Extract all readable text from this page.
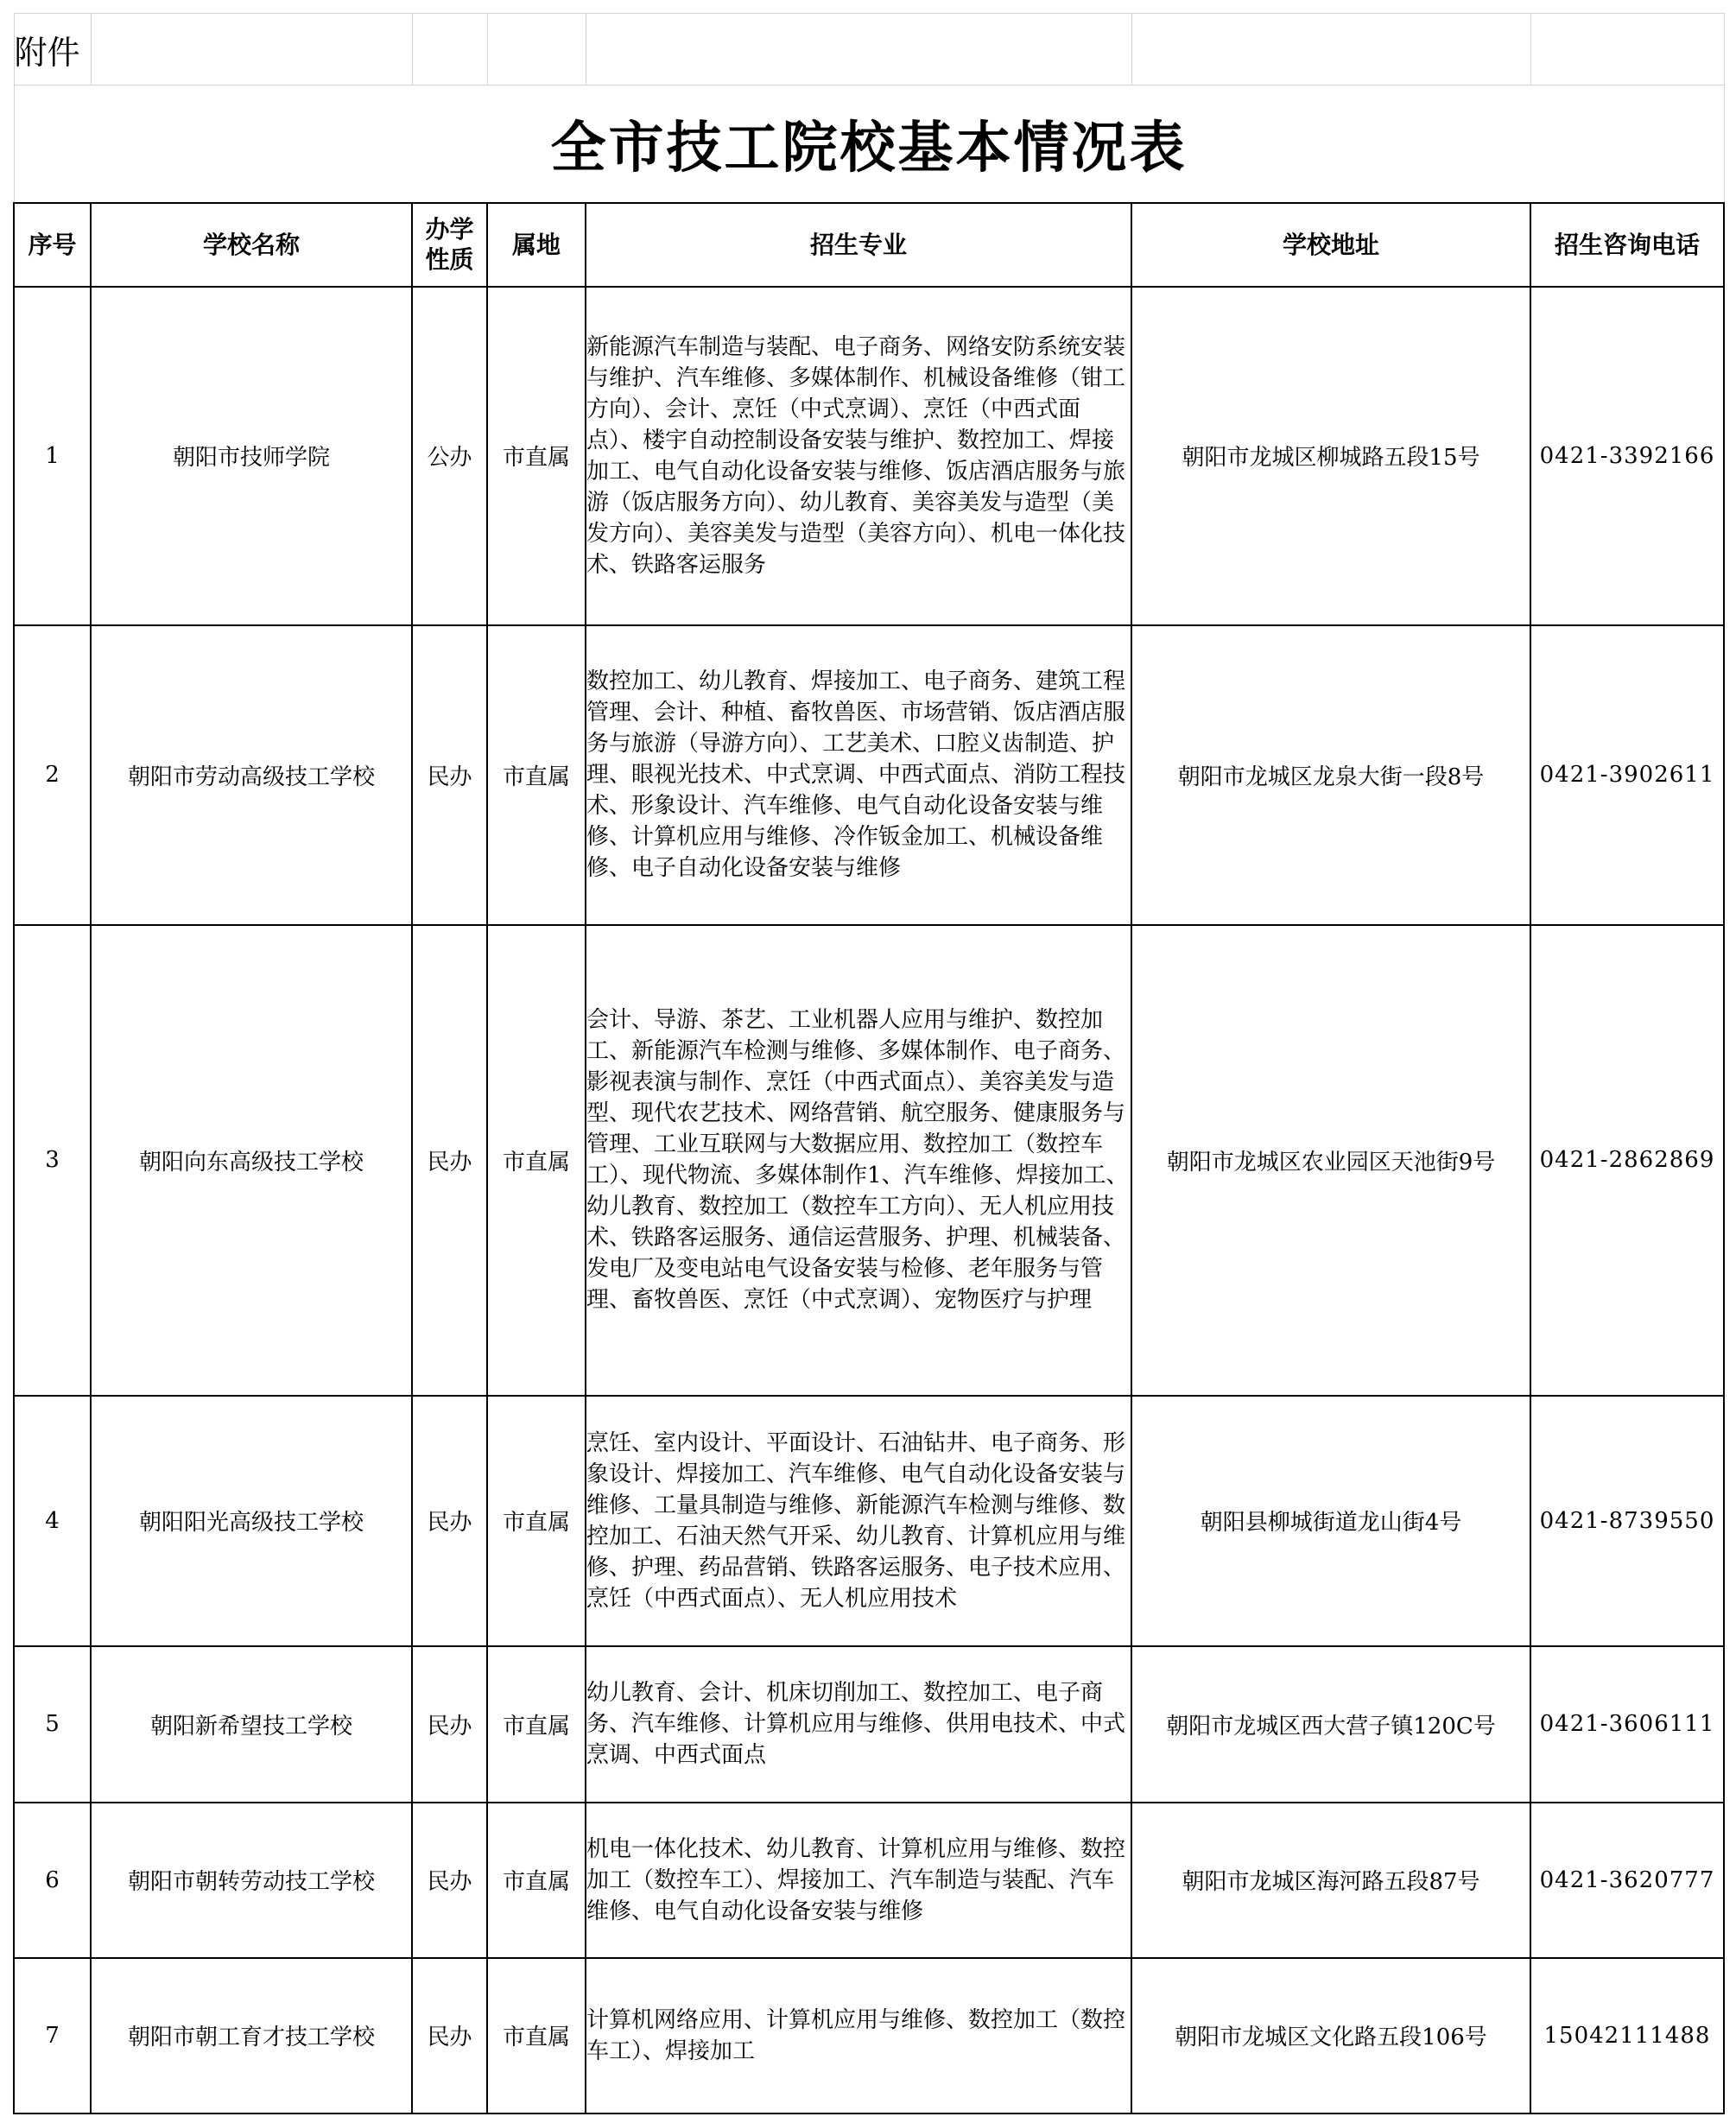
附件						
全市技工院校基本情况表						
序号	学校名称	办学性质	属地	招生专业	学校地址	招生咨询电话
1	朝阳市技师学院	公办	市直属	新能源汽车制造与装配、电子商务、网络安防系统安装与维护、汽车维修、多媒体制作、机械设备维修（钳工方向）、会计、烹饪（中式烹调）、烹饪（中西式面点）、楼宇自动控制设备安装与维护、数控加工、焊接加工、电气自动化设备安装与维修、饭店酒店服务与旅游（饭店服务方向）、幼儿教育、美容美发与造型（美发方向）、美容美发与造型（美容方向）、机电一体化技术、铁路客运服务	朝阳市龙城区柳城路五段15号	0421-3392166
2	朝阳市劳动高级技工学校	民办	市直属	数控加工、幼儿教育、焊接加工、电子商务、建筑工程管理、会计、种植、畜牧兽医、市场营销、饭店酒店服务与旅游（导游方向）、工艺美术、口腔义齿制造、护理、眼视光技术、中式烹调、中西式面点、消防工程技术、形象设计、汽车维修、电气自动化设备安装与维修、计算机应用与维修、冷作钣金加工、机械设备维修、电子自动化设备安装与维修	朝阳市龙城区龙泉大街一段8号	0421-3902611
3	朝阳向东高级技工学校	民办	市直属	会计、导游、茶艺、工业机器人应用与维护、数控加工、新能源汽车检测与维修、多媒体制作、电子商务、影视表演与制作、烹饪（中西式面点）、美容美发与造型、现代农艺技术、网络营销、航空服务、健康服务与管理、工业互联网与大数据应用、数控加工（数控车工）、现代物流、多媒体制作1、汽车维修、焊接加工、幼儿教育、数控加工（数控车工方向）、无人机应用技术、铁路客运服务、通信运营服务、护理、机械装备、发电厂及变电站电气设备安装与检修、老年服务与管理、畜牧兽医、烹饪（中式烹调）、宠物医疗与护理	朝阳市龙城区农业园区天池街9号	0421-2862869
4	朝阳阳光高级技工学校	民办	市直属	烹饪、室内设计、平面设计、石油钻井、电子商务、形象设计、焊接加工、汽车维修、电气自动化设备安装与维修、工量具制造与维修、新能源汽车检测与维修、数控加工、石油天然气开采、幼儿教育、计算机应用与维修、护理、药品营销、铁路客运服务、电子技术应用、烹饪（中西式面点）、无人机应用技术	朝阳县柳城街道龙山街4号	0421-8739550
5	朝阳新希望技工学校	民办	市直属	幼儿教育、会计、机床切削加工、数控加工、电子商务、汽车维修、计算机应用与维修、供用电技术、中式烹调、中西式面点	朝阳市龙城区西大营子镇120C号	0421-3606111
6	朝阳市朝转劳动技工学校	民办	市直属	机电一体化技术、幼儿教育、计算机应用与维修、数控加工（数控车工）、焊接加工、汽车制造与装配、汽车维修、电气自动化设备安装与维修	朝阳市龙城区海河路五段87号	0421-3620777
7	朝阳市朝工育才技工学校	民办	市直属	计算机网络应用、计算机应用与维修、数控加工（数控车工）、焊接加工	朝阳市龙城区文化路五段106号	15042111488
